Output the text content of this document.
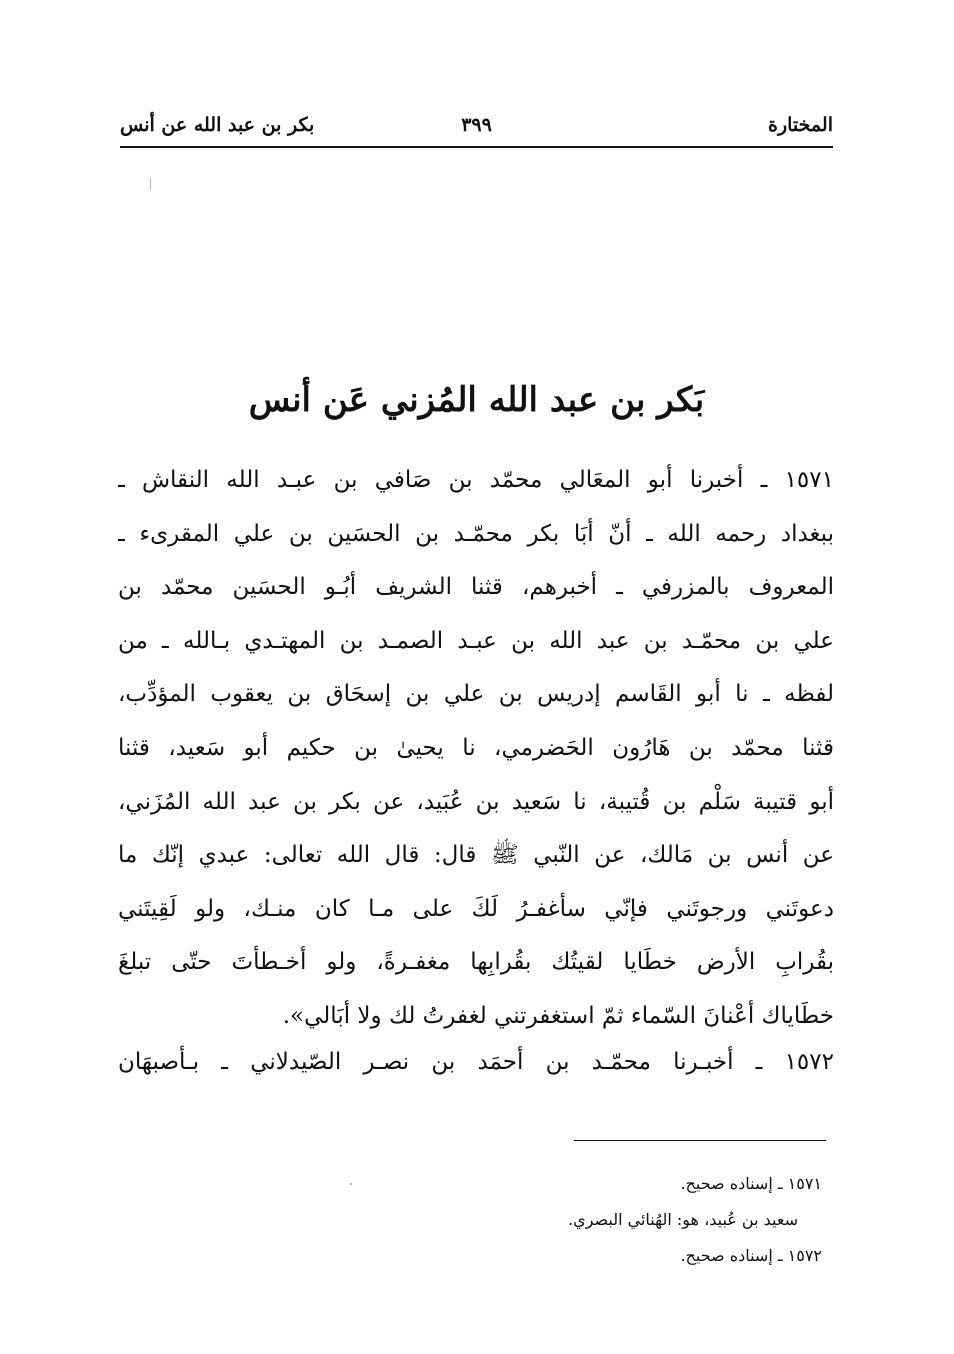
المختارة
٣٩٩
بكر بن عبد الله عن أنس
بَكر بن عبد الله المُزني عَن أنس
١٥٧١ ـ أخبرنا أبو المعَالي محمّد بن صَافي بن عبـد الله النقاش ـ
ببغداد رحمه الله ـ أنّ أبَا بكر محمّـد بن الحسَين بن علي المقرىء ـ
المعروف بالمزرفي ـ أخبرهم، قثنا الشريف أبُـو الحسَين محمّد بن
علي بن محمّـد بن عبد الله بن عبـد الصمـد بن المهتـدي بـالله ـ من
لفظه ـ نا أبو القَاسم إدريس بن علي بن إسحَاق بن يعقوب المؤدِّب،
قثنا محمّد بن هَارُون الحَضرمي، نا يحيىٰ بن حكيم أبو سَعيد، قثنا
أبو قتيبة سَلْم بن قُتيبة، نا سَعيد بن عُبَيد، عن بكر بن عبد الله المُزَني،
عن أنس بن مَالك، عن النّبي ﷺ قال: قال الله تعالى: عبدي إنّك ما
دعوتَني ورجوتَني فإنّي سأغفـرُ لَكَ على مـا كان منـك، ولو لَقِيتَني
بقُرابِ الأرض خطَايا لقيتُك بقُرابِها مغفـرةً، ولو أخـطأتَ حتّى تبلغَ
خطَاياك أعْنانَ السّماء ثمّ استغفرتني لغفرتُ لك ولا أبَالي».
١٥٧٢ ـ أخبـرنا محمّـد بن أحمَد بن نصـر الصّيدلاني ـ بـأصبهَان
١٥٧١ ـ إسناده صحيح.
سعيد بن عُبيد، هو: الهُنائي البصري.
١٥٧٢ ـ إسناده صحيح.
